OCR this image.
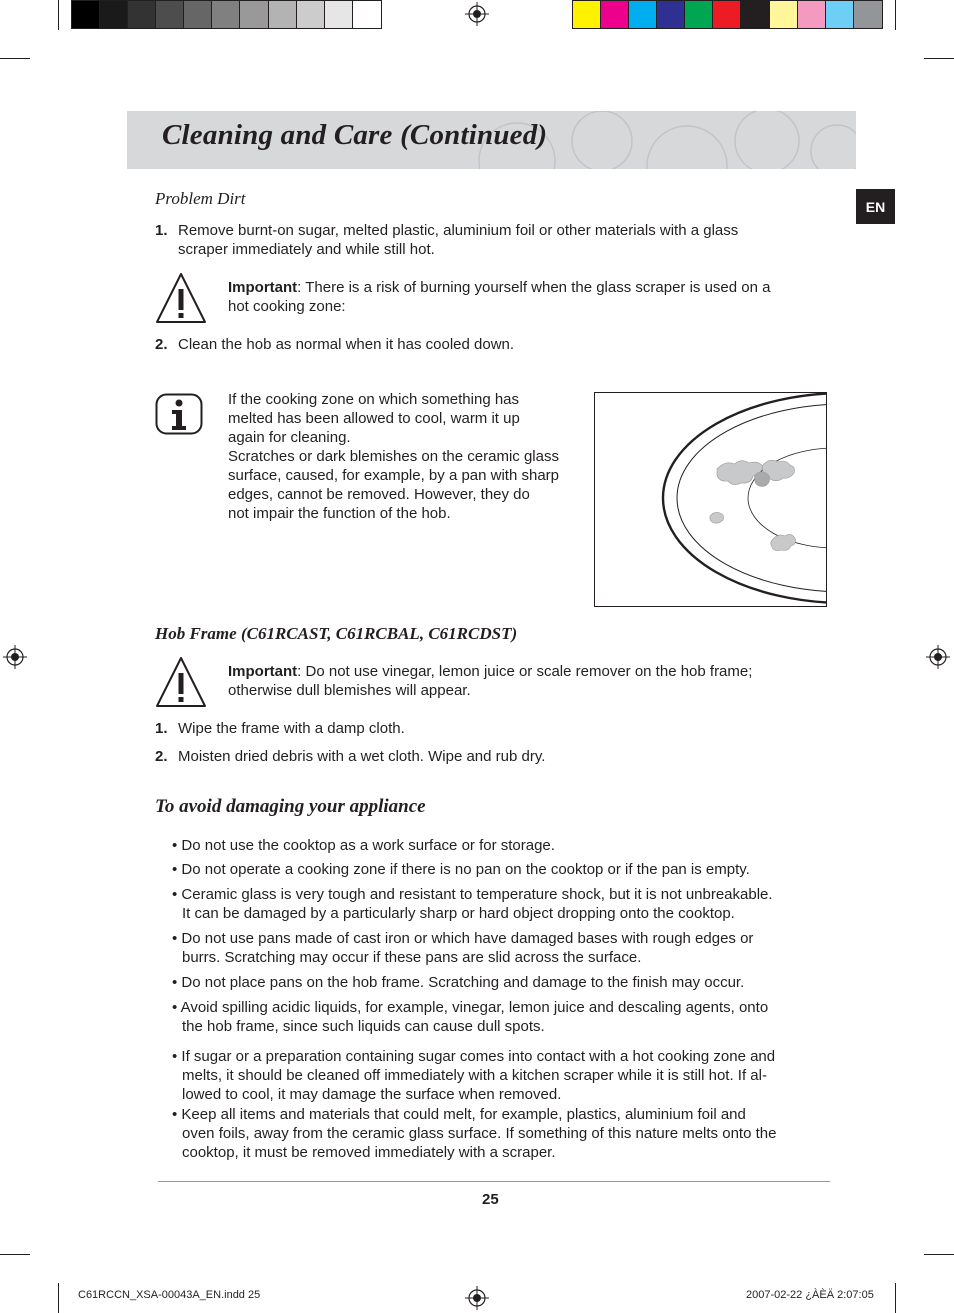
Cleaning and Care (Continued)
EN
Problem Dirt
1. Remove burnt-on sugar, melted plastic, aluminium foil or other materials with a glass
scraper immediately and while still hot.
Important: There is a risk of burning yourself when the glass scraper is used on a
hot cooking zone:
2. Clean the hob as normal when it has cooled down.
If the cooking zone on which something has
melted has been allowed to cool, warm it up
again for cleaning.
Scratches or dark blemishes on the ceramic glass
surface, caused, for example, by a pan with sharp
edges, cannot be removed. However, they do
not impair the function of the hob.
Hob Frame (C61RCAST, C61RCBAL, C61RCDST)
Important: Do not use vinegar, lemon juice or scale remover on the hob frame;
otherwise dull blemishes will appear.
1. Wipe the frame with a damp cloth.
2. Moisten dried debris with a wet cloth. Wipe and rub dry.
To avoid damaging your appliance

• Do not use the cooktop as a work surface or for storage.

• Do not operate a cooking zone if there is no pan on the cooktop or if the pan is empty.

• Ceramic glass is very tough and resistant to temperature shock, but it is not unbreakable.

It can be damaged by a particularly sharp or hard object dropping onto the cooktop.

• Do not use pans made of cast iron or which have damaged bases with rough edges or

burrs. Scratching may occur if these pans are slid across the surface.

• Do not place pans on the hob frame. Scratching and damage to the finish may occur.

• Avoid spilling acidic liquids, for example, vinegar, lemon juice and descaling agents, onto

the hob frame, since such liquids can cause dull spots.

• If sugar or a preparation containing sugar comes into contact with a hot cooking zone and

melts, it should be cleaned off immediately with a kitchen scraper while it is still hot. If al-

lowed to cool, it may damage the surface when removed.

• Keep all items and materials that could melt, for example, plastics, aluminium foil and

oven foils, away from the ceramic glass surface. If something of this nature melts onto the

cooktop, it must be removed immediately with a scraper.

25
C61RCCN_XSA-00043A_EN.indd 25	2007-02-22 ¿ÀÈÄ 2:07:05
